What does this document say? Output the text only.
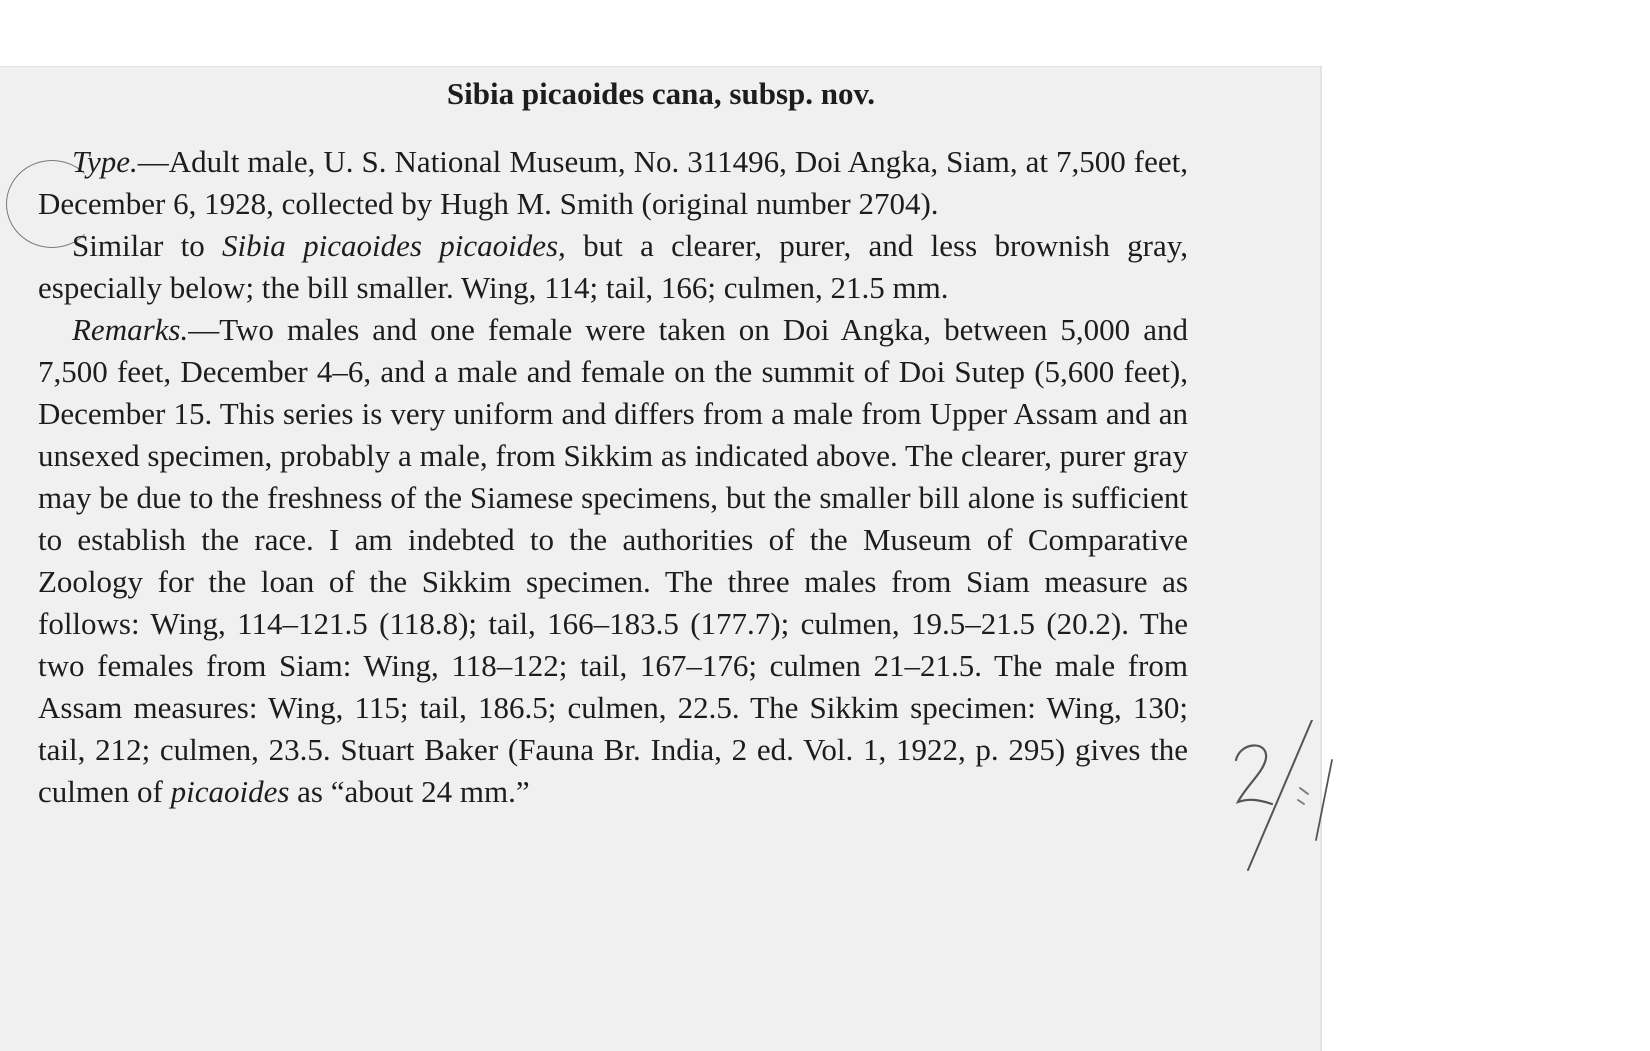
Sibia picaoides cana, subsp. nov.

Type.—Adult male, U. S. National Museum, No. 311496, Doi Angka, Siam, at 7,500 feet, December 6, 1928, collected by Hugh M. Smith (original number 2704).

Similar to Sibia picaoides picaoides, but a clearer, purer, and less brownish gray, especially below; the bill smaller. Wing, 114; tail, 166; culmen, 21.5 mm.

Remarks.—Two males and one female were taken on Doi Angka, between 5,000 and 7,500 feet, December 4–6, and a male and female on the summit of Doi Sutep (5,600 feet), December 15. This series is very uniform and differs from a male from Upper Assam and an unsexed specimen, probably a male, from Sikkim as indicated above. The clearer, purer gray may be due to the freshness of the Siamese specimens, but the smaller bill alone is sufficient to establish the race. I am indebted to the authorities of the Museum of Comparative Zoology for the loan of the Sikkim specimen. The three males from Siam measure as follows: Wing, 114–121.5 (118.8); tail, 166–183.5 (177.7); culmen, 19.5–21.5 (20.2). The two females from Siam: Wing, 118–122; tail, 167–176; culmen 21–21.5. The male from Assam measures: Wing, 115; tail, 186.5; culmen, 22.5. The Sikkim specimen: Wing, 130; tail, 212; culmen, 23.5. Stuart Baker (Fauna Br. India, 2 ed. Vol. 1, 1922, p. 295) gives the culmen of picaoides as “about 24 mm.”
